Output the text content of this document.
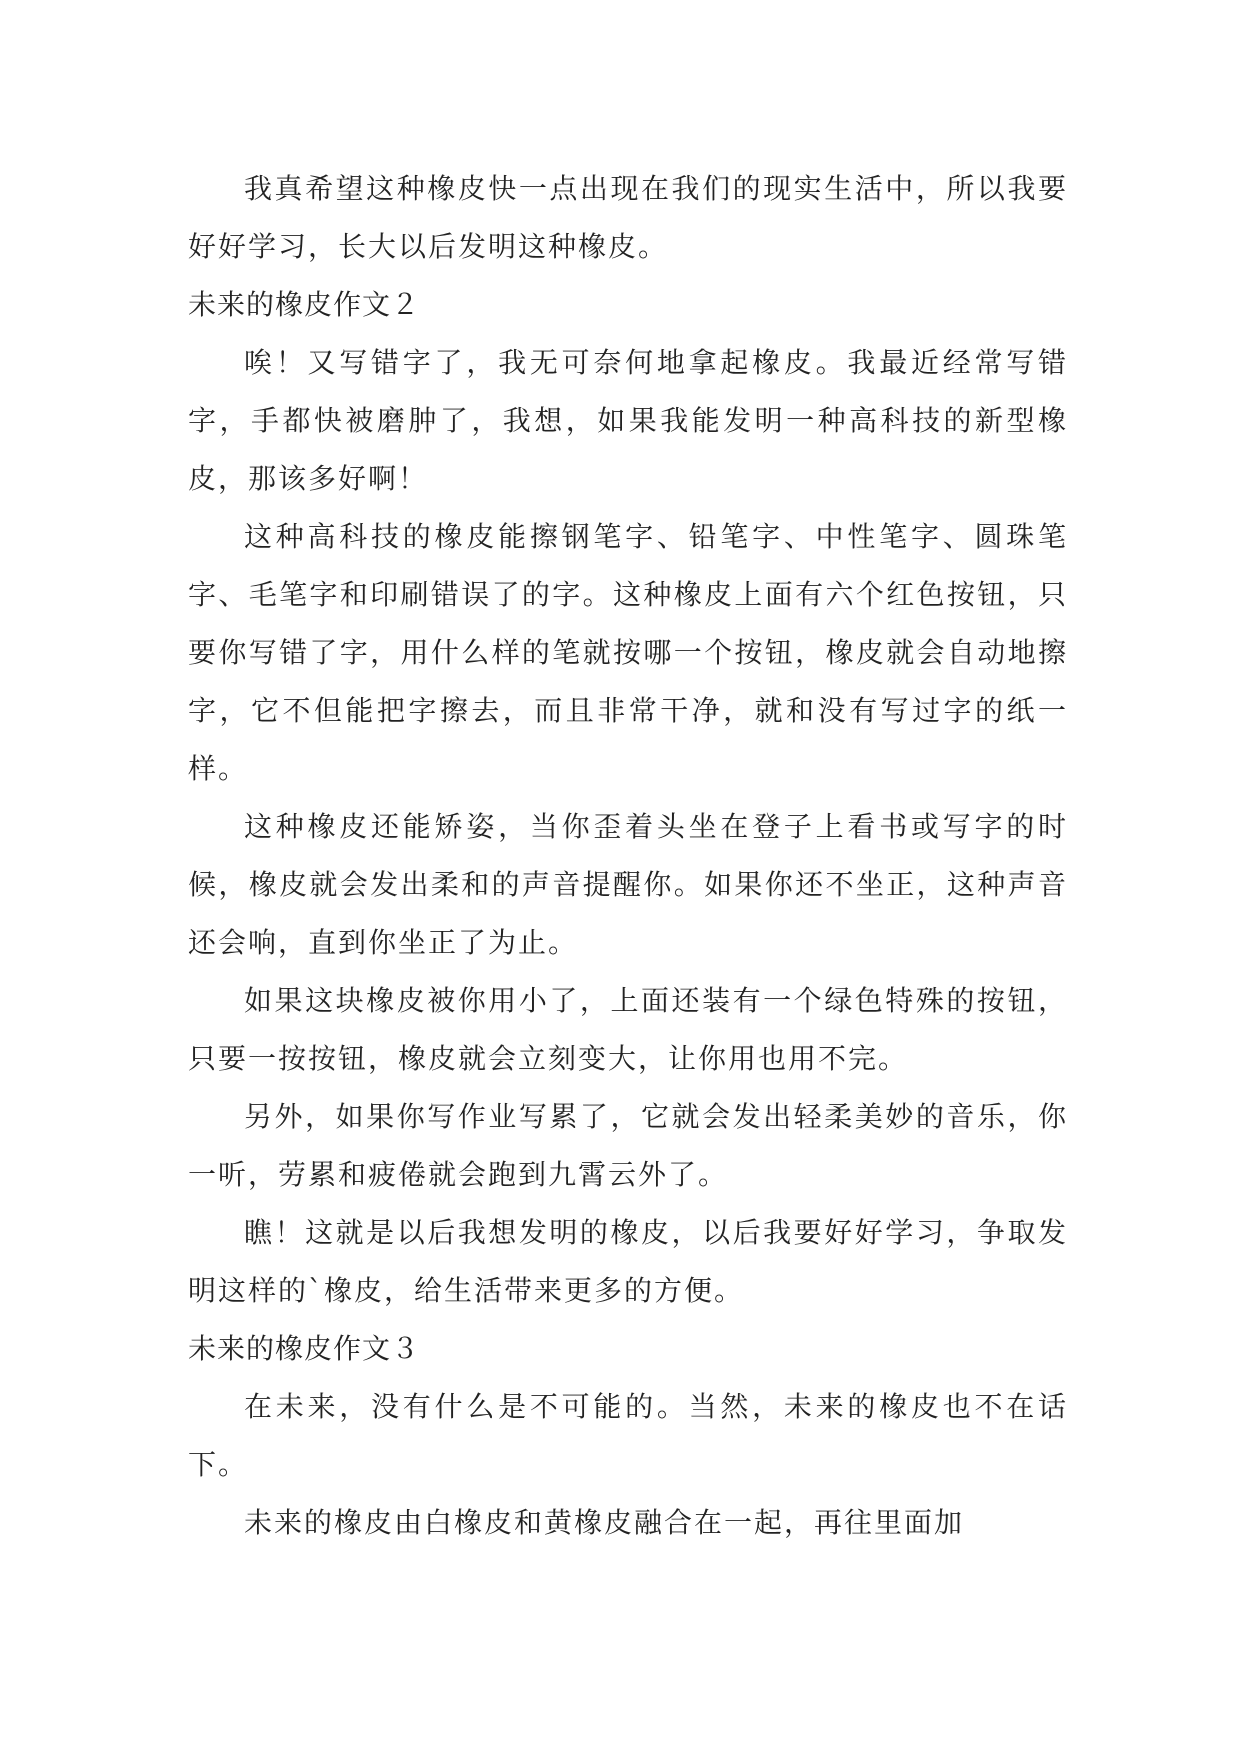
我真希望这种橡皮快一点出现在我们的现实生活中，所以我要好好学习，长大以后发明这种橡皮。

未来的橡皮作文２

唉！又写错字了，我无可奈何地拿起橡皮。我最近经常写错字，手都快被磨肿了，我想，如果我能发明一种高科技的新型橡皮，那该多好啊！

这种高科技的橡皮能擦钢笔字、铅笔字、中性笔字、圆珠笔字、毛笔字和印刷错误了的字。这种橡皮上面有六个红色按钮，只要你写错了字，用什么样的笔就按哪一个按钮，橡皮就会自动地擦字，它不但能把字擦去，而且非常干净，就和没有写过字的纸一样。

这种橡皮还能矫姿，当你歪着头坐在登子上看书或写字的时候，橡皮就会发出柔和的声音提醒你。如果你还不坐正，这种声音还会响，直到你坐正了为止。

如果这块橡皮被你用小了，上面还装有一个绿色特殊的按钮，只要一按按钮，橡皮就会立刻变大，让你用也用不完。

另外，如果你写作业写累了，它就会发出轻柔美妙的音乐，你一听，劳累和疲倦就会跑到九霄云外了。

瞧！这就是以后我想发明的橡皮，以后我要好好学习，争取发明这样的`橡皮，给生活带来更多的方便。

未来的橡皮作文３

在未来，没有什么是不可能的。当然，未来的橡皮也不在话下。

未来的橡皮由白橡皮和黄橡皮融合在一起，再往里面加
